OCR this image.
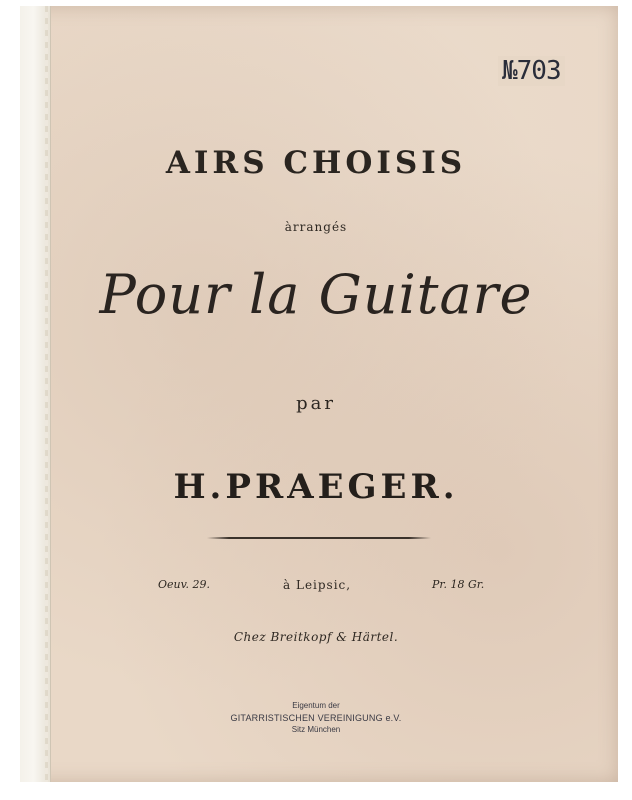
№703
AIRS CHOISIS
àrrangés
Pour la Guitare
par
H.PRAEGER.
Oeuv. 29.	à Leipsic,	Pr. 18 Gr.
Chez Breitkopf & Härtel.
Eigentum der
GITARRISTISCHEN VEREINIGUNG e.V.
Sitz München
